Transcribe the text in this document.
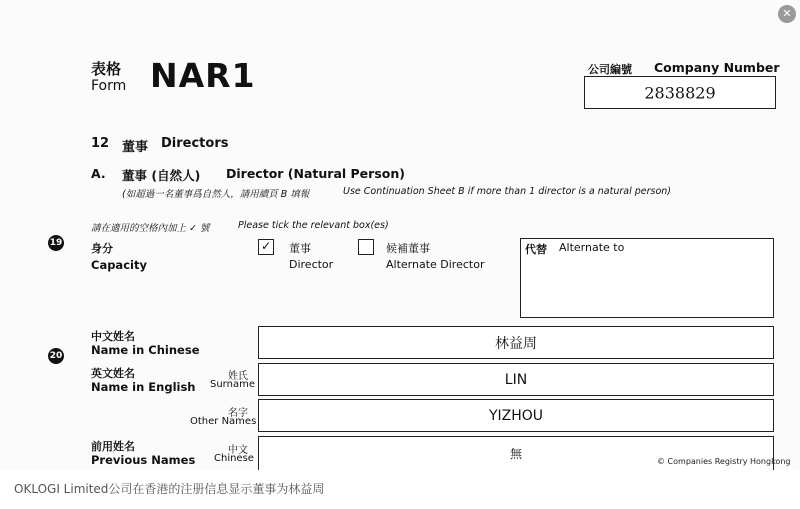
表格
Form NAR1	公司編號 Company Number
2838829
12 董事 Directors
A. 董事 (自然人) Director (Natural Person)
(如超過一名董事爲自然人，請用續頁 B 填報	Use Continuation Sheet B if more than 1 director is a natural person)
請在適用的空格內加上 ✓ 號	Please tick the relevant box(es)
19	身分
Capacity
✓ 董事
Director
候補董事
Alternate Director
代替 Alternate to
20
中文姓名
Name in Chinese	林益周
英文姓名
Name in English
姓氏
Surname	LIN
名字
Other Names	YIZHOU
前用姓名
Previous Names
中文
Chinese	無
© Companies Registry Hongkong
✕
OKLOGI Limited公司在香港的注册信息显示董事为林益周
